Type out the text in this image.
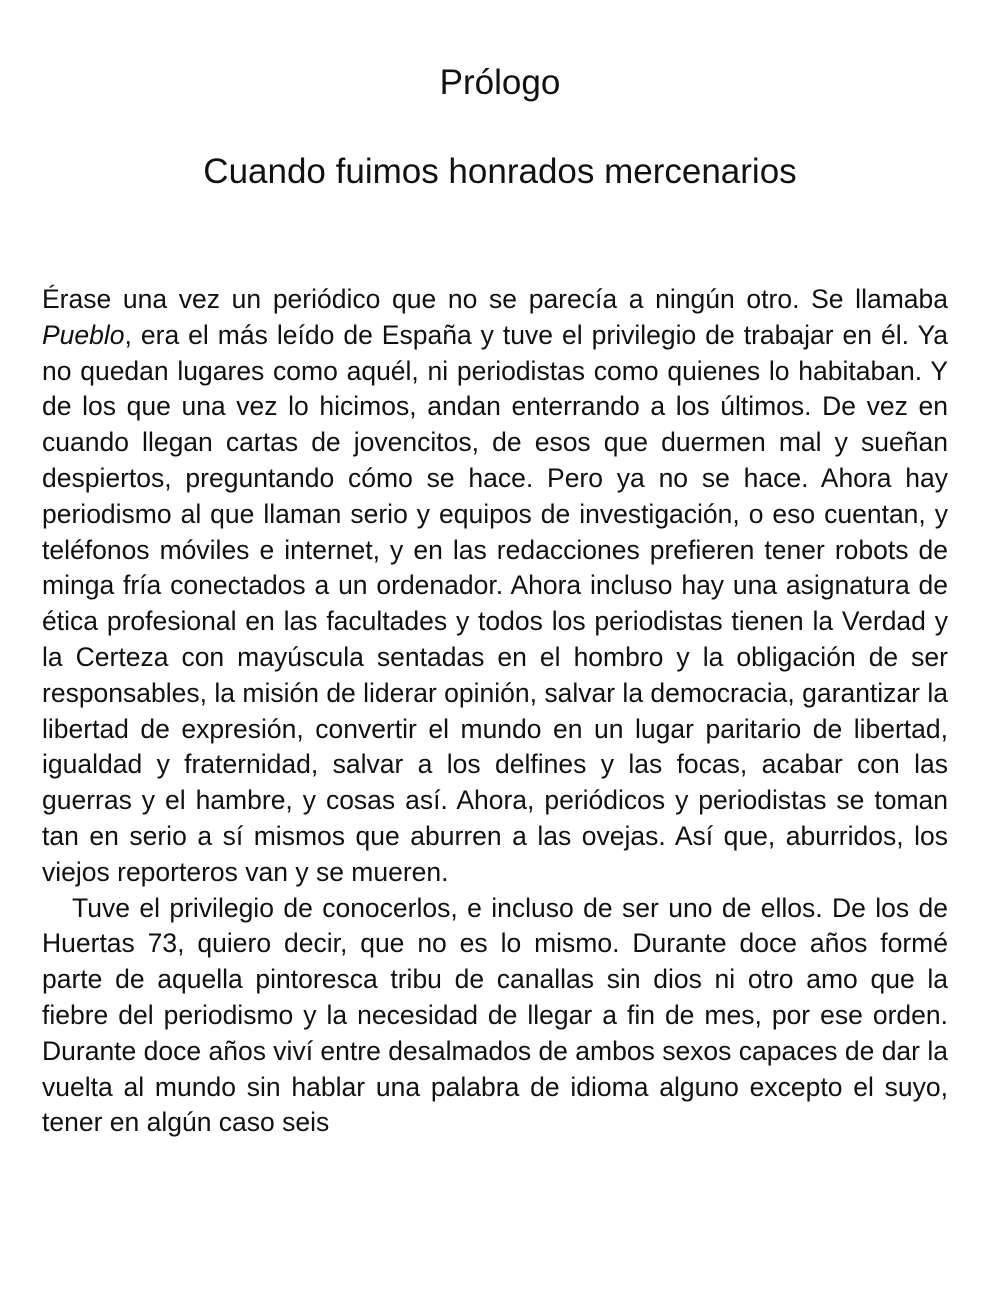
Prólogo
Cuando fuimos honrados mercenarios

Érase una vez un periódico que no se parecía a ningún otro. Se llamaba Pueblo, era el más leído de España y tuve el privilegio de trabajar en él. Ya no quedan lugares como aquél, ni periodistas como quienes lo habitaban. Y de los que una vez lo hicimos, andan enterrando a los últimos. De vez en cuando llegan cartas de jovencitos, de esos que duermen mal y sueñan despiertos, preguntando cómo se hace. Pero ya no se hace. Ahora hay periodismo al que llaman serio y equipos de investigación, o eso cuentan, y teléfonos móviles e internet, y en las redacciones prefieren tener robots de minga fría conectados a un ordenador. Ahora incluso hay una asignatura de ética profesional en las facultades y todos los periodistas tienen la Verdad y la Certeza con mayúscula sentadas en el hombro y la obligación de ser responsables, la misión de liderar opinión, salvar la democracia, garantizar la libertad de expresión, convertir el mundo en un lugar paritario de libertad, igualdad y fraternidad, salvar a los delfines y las focas, acabar con las guerras y el hambre, y cosas así. Ahora, periódicos y periodistas se toman tan en serio a sí mismos que aburren a las ovejas. Así que, aburridos, los viejos reporteros van y se mueren.

Tuve el privilegio de conocerlos, e incluso de ser uno de ellos. De los de Huertas 73, quiero decir, que no es lo mismo. Durante doce años formé parte de aquella pintoresca tribu de canallas sin dios ni otro amo que la fiebre del periodismo y la necesidad de llegar a fin de mes, por ese orden. Durante doce años viví entre desalmados de ambos sexos capaces de dar la vuelta al mundo sin hablar una palabra de idioma alguno excepto el suyo, tener en algún caso seis
